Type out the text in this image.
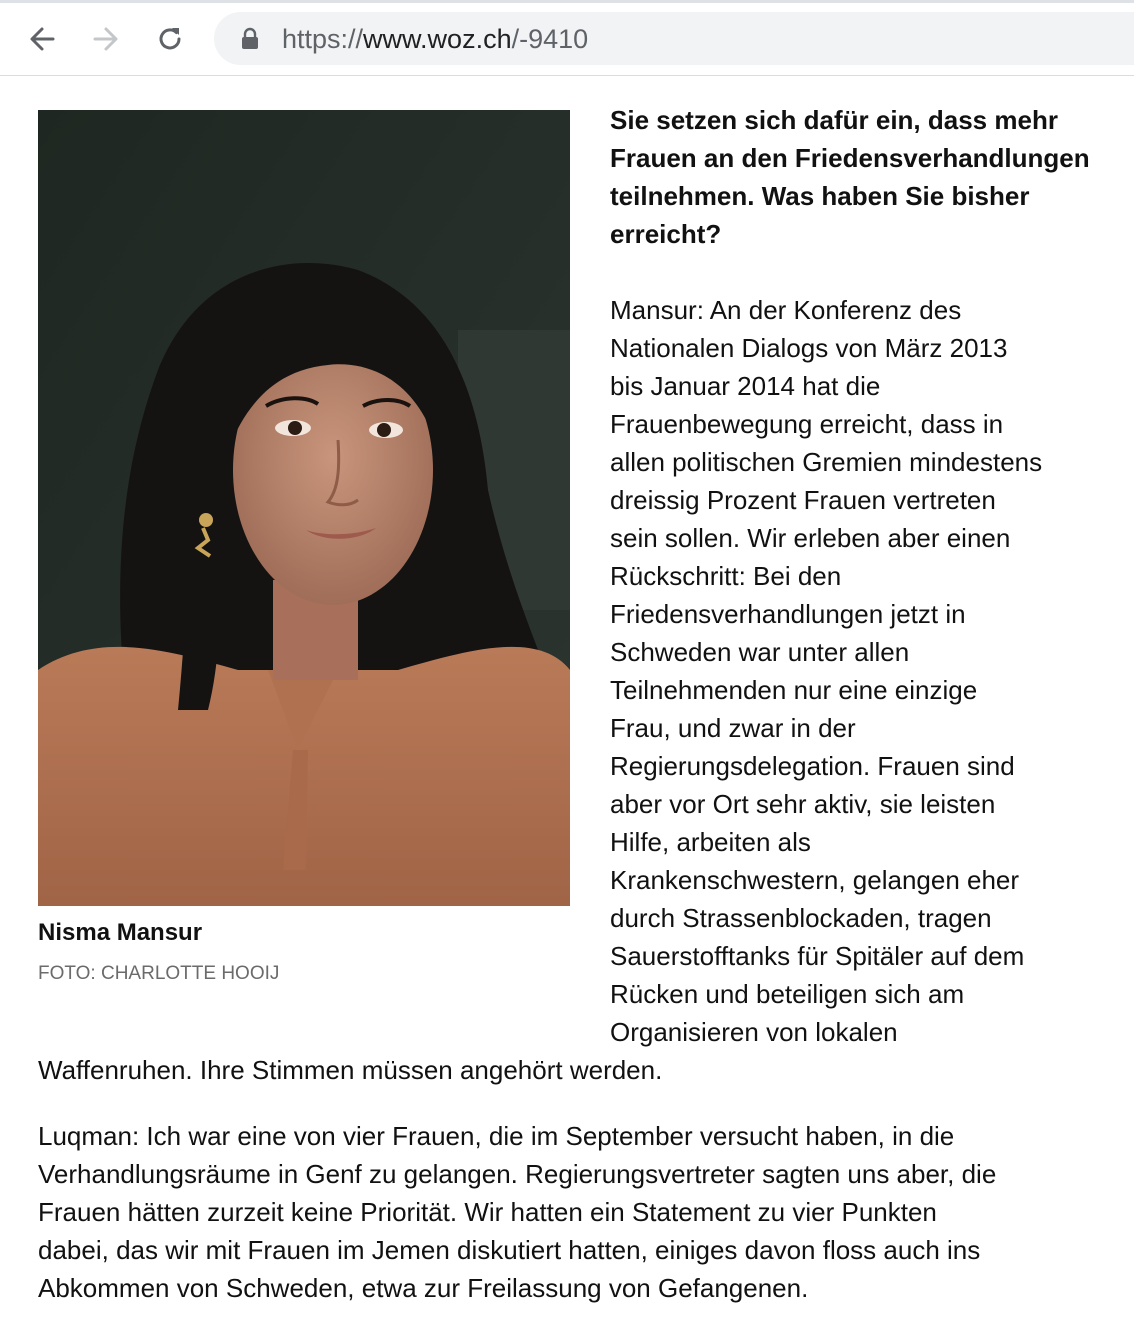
https://www.woz.ch/-9410
Nisma Mansur
FOTO: CHARLOTTE HOOIJ
Sie setzen sich dafür ein, dass mehr Frauen an den Friedensverhandlungen teilnehmen. Was haben Sie bisher erreicht?
Mansur: An der Konferenz des
Nationalen Dialogs von März 2013
bis Januar 2014 hat die
Frauenbewegung erreicht, dass in
allen politischen Gremien mindestens
dreissig Prozent Frauen vertreten
sein sollen. Wir erleben aber einen
Rückschritt: Bei den
Friedensverhandlungen jetzt in
Schweden war unter allen
Teilnehmenden nur eine einzige
Frau, und zwar in der
Regierungsdelegation. Frauen sind
aber vor Ort sehr aktiv, sie leisten
Hilfe, arbeiten als
Krankenschwestern, gelangen eher
durch Strassenblockaden, tragen
Sauerstofftanks für Spitäler auf dem
Rücken und beteiligen sich am
Organisieren von lokalen
Waffenruhen. Ihre Stimmen müssen angehört werden.
Luqman: Ich war eine von vier Frauen, die im September versucht haben, in die
Verhandlungsräume in Genf zu gelangen. Regierungsvertreter sagten uns aber, die
Frauen hätten zurzeit keine Priorität. Wir hatten ein Statement zu vier Punkten
dabei, das wir mit Frauen im Jemen diskutiert hatten, einiges davon floss auch ins
Abkommen von Schweden, etwa zur Freilassung von Gefangenen.
